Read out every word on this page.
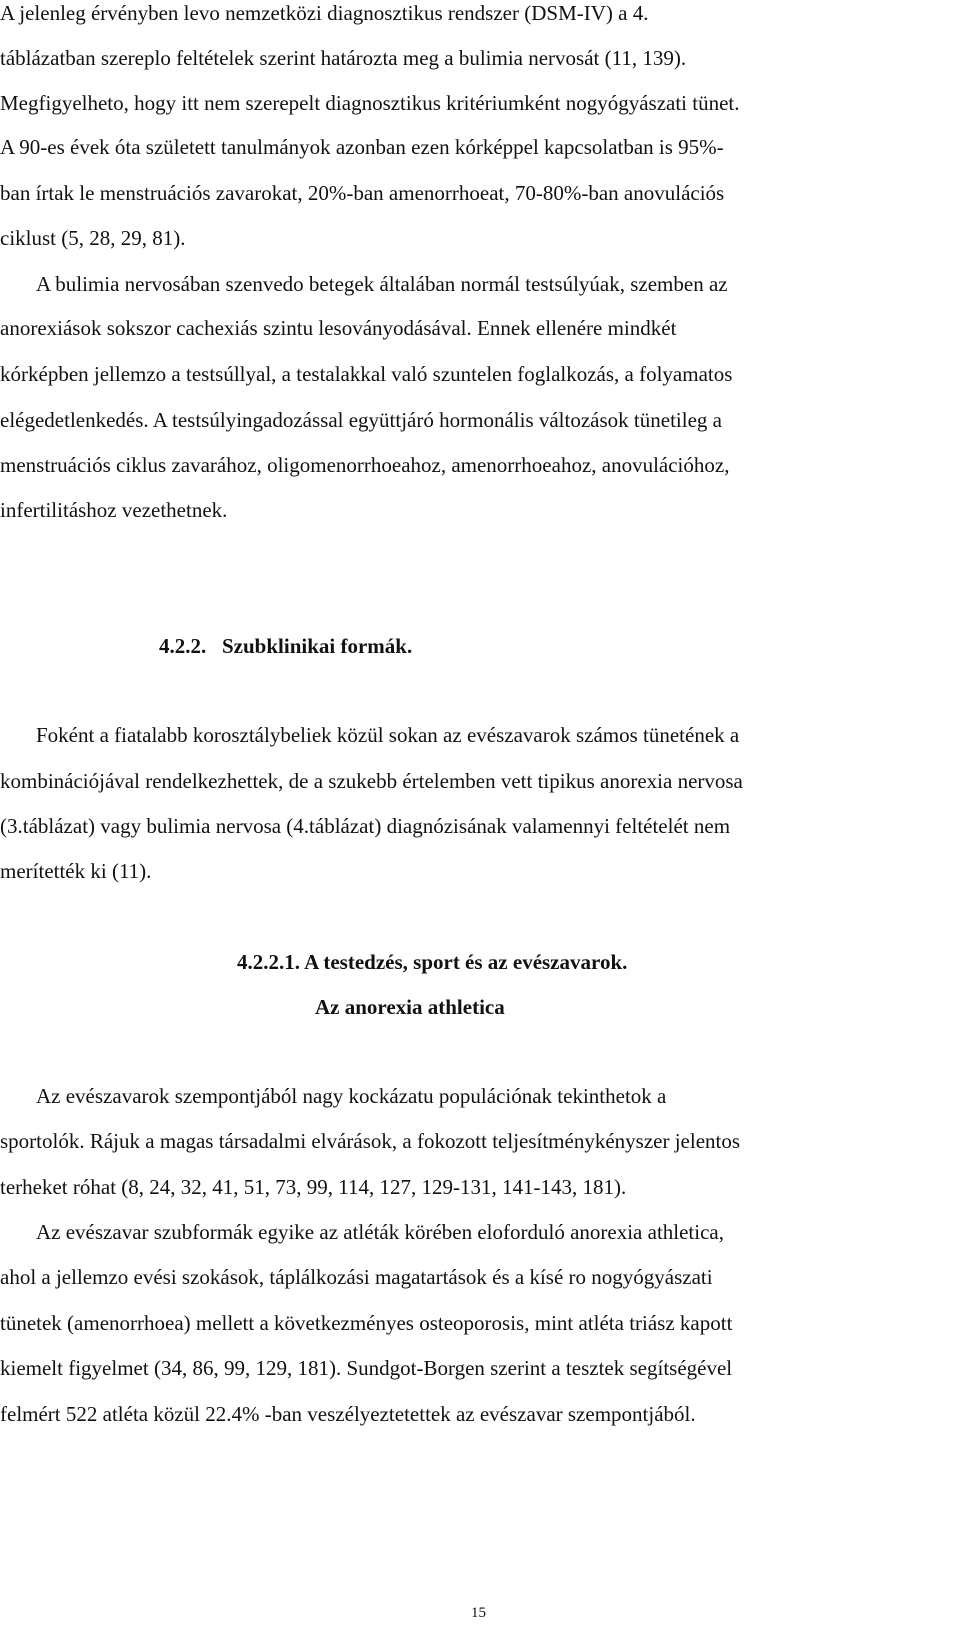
A jelenleg érvényben levo nemzetközi diagnosztikus rendszer (DSM-IV) a 4.
táblázatban szereplo feltételek szerint határozta meg a bulimia nervosát (11, 139).
Megfigyelheto, hogy itt nem szerepelt diagnosztikus kritériumként nogyógyászati tünet.
A 90-es évek óta született tanulmányok azonban ezen kórképpel kapcsolatban is 95%-
ban írtak le menstruációs zavarokat, 20%-ban amenorrhoeat, 70-80%-ban anovulációs
ciklust (5, 28, 29, 81).
A bulimia nervosában szenvedo betegek általában normál testsúlyúak, szemben az
anorexiások sokszor cachexiás szintu lesoványodásával. Ennek ellenére mindkét
kórképben jellemzo a testsúllyal, a testalakkal való szuntelen foglalkozás, a folyamatos
elégedetlenkedés. A testsúlyingadozással együttjáró hormonális változások tünetileg a
menstruációs ciklus zavarához, oligomenorrhoeahoz, amenorrhoeahoz, anovulációhoz,
infertilitáshoz vezethetnek.
4.2.2.   Szubklinikai formák.
Foként a fiatalabb korosztálybeliek közül sokan az evészavarok számos tünetének a
kombinációjával rendelkezhettek, de a szukebb értelemben vett tipikus anorexia nervosa
(3.táblázat) vagy bulimia nervosa (4.táblázat) diagnózisának valamennyi feltételét nem
merítették ki (11).
4.2.2.1. A testedzés, sport és az evészavarok.
Az anorexia athletica
Az evészavarok szempontjából nagy kockázatu populációnak tekinthetok a
sportolók. Rájuk a magas társadalmi elvárások, a fokozott teljesítménykényszer jelentos
terheket róhat (8, 24, 32, 41, 51, 73, 99, 114, 127, 129-131, 141-143, 181).
Az evészavar szubformák egyike az atléták körében eloforduló anorexia athletica,
ahol a jellemzo evési szokások, táplálkozási magatartások és a kísé ro nogyógyászati
tünetek (amenorrhoea) mellett a következményes osteoporosis, mint atléta triász kapott
kiemelt figyelmet (34, 86, 99, 129, 181). Sundgot-Borgen szerint a tesztek segítségével
felmért 522 atléta közül 22.4% -ban veszélyeztetettek az evészavar szempontjából.
15
